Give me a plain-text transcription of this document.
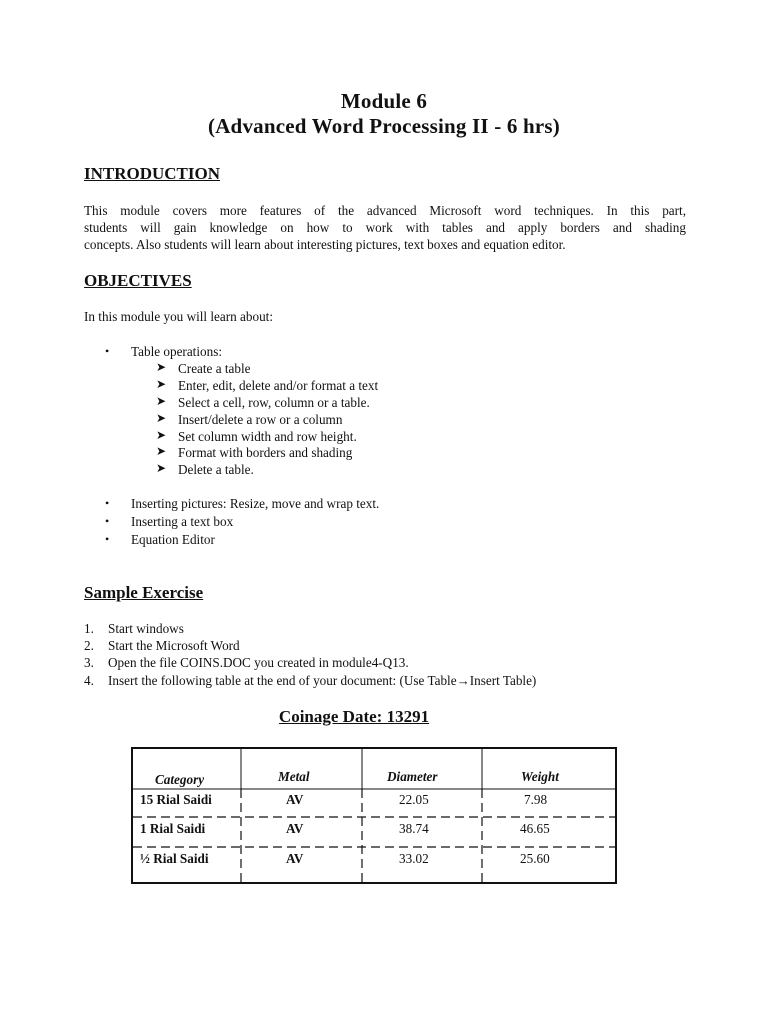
Module 6
(Advanced Word Processing II - 6 hrs)
INTRODUCTION
This module covers more features of the advanced Microsoft word techniques. In this part,
students will gain knowledge on how to work with tables and apply borders and shading
concepts. Also students will learn about interesting pictures, text boxes and equation editor.
OBJECTIVES
In this module you will learn about:
• Table operations:
➤ Create a table
➤ Enter, edit, delete and/or format a text
➤ Select a cell, row, column or a table.
➤ Insert/delete a row or a column
➤ Set column width and row height.
➤ Format with borders and shading
➤ Delete a table.
• Inserting pictures: Resize, move and wrap text.
• Inserting a text box
• Equation Editor
Sample Exercise
1. Start windows
2. Start the Microsoft Word
3. Open the file COINS.DOC you created in module4-Q13.
4. Insert the following table at the end of your document: (Use Table→Insert Table)
Coinage Date: 13291
Category	Metal	Diameter	Weight
15 Rial Saidi	AV	22.05	7.98
1 Rial Saidi	AV	38.74	46.65
½ Rial Saidi	AV	33.02	25.60
